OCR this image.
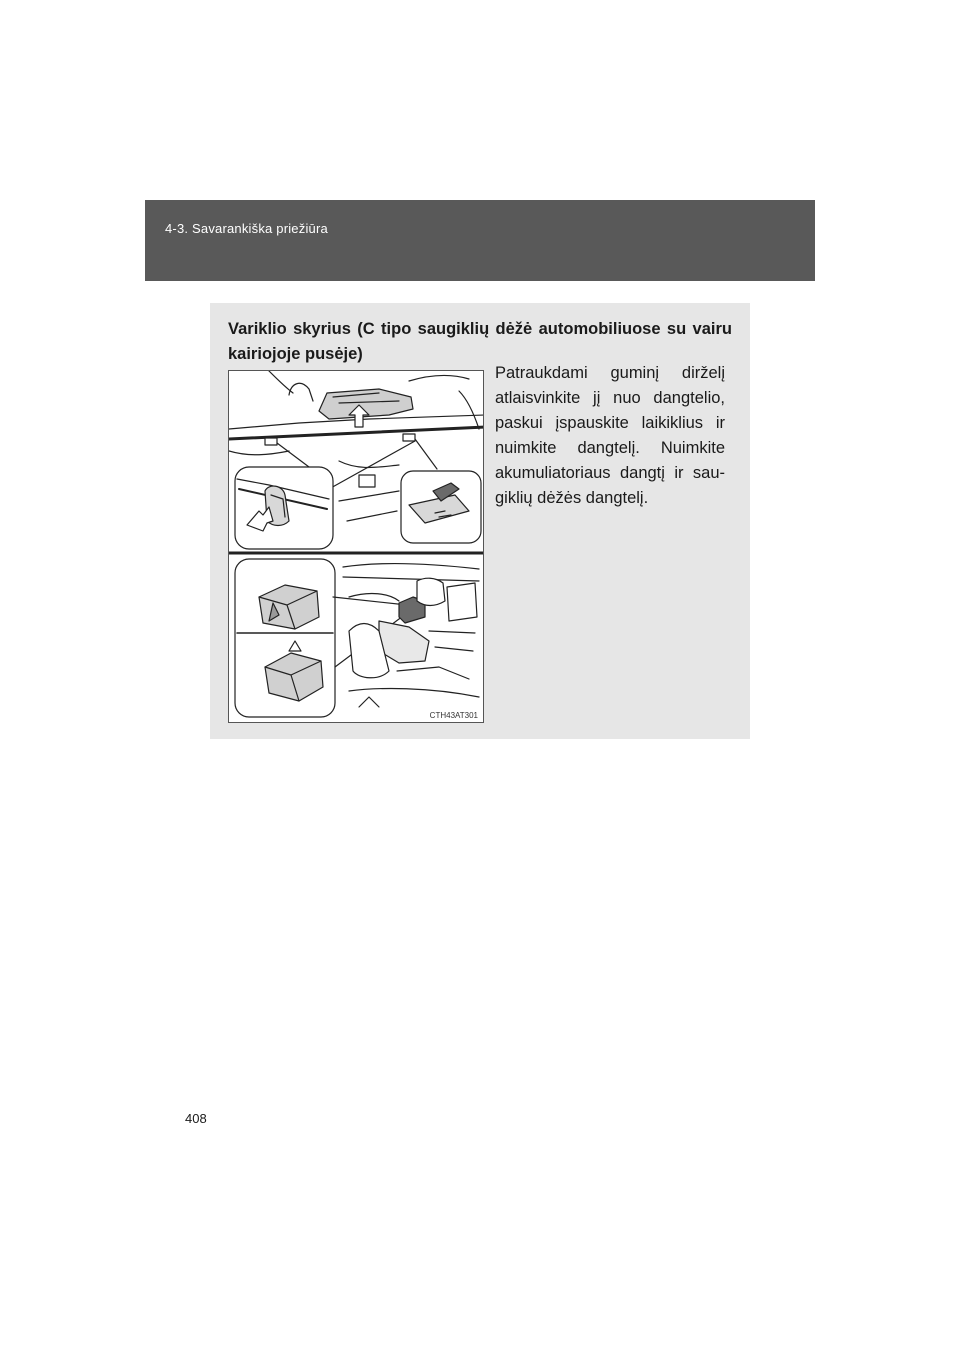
4-3. Savarankiška priežiūra
Variklio skyrius (C tipo saugiklių dėžė automobiliuose su vairu kairiojoje pusėje)
CTH43AT301
Patraukdami guminį dirželį atlaisvinkite jį nuo dangtelio, paskui įspauskite laikiklius ir nuimkite dangtelį. Nuimkite akumuliatoriaus dangtį ir saugiklių dėžės dangtelį.
408
